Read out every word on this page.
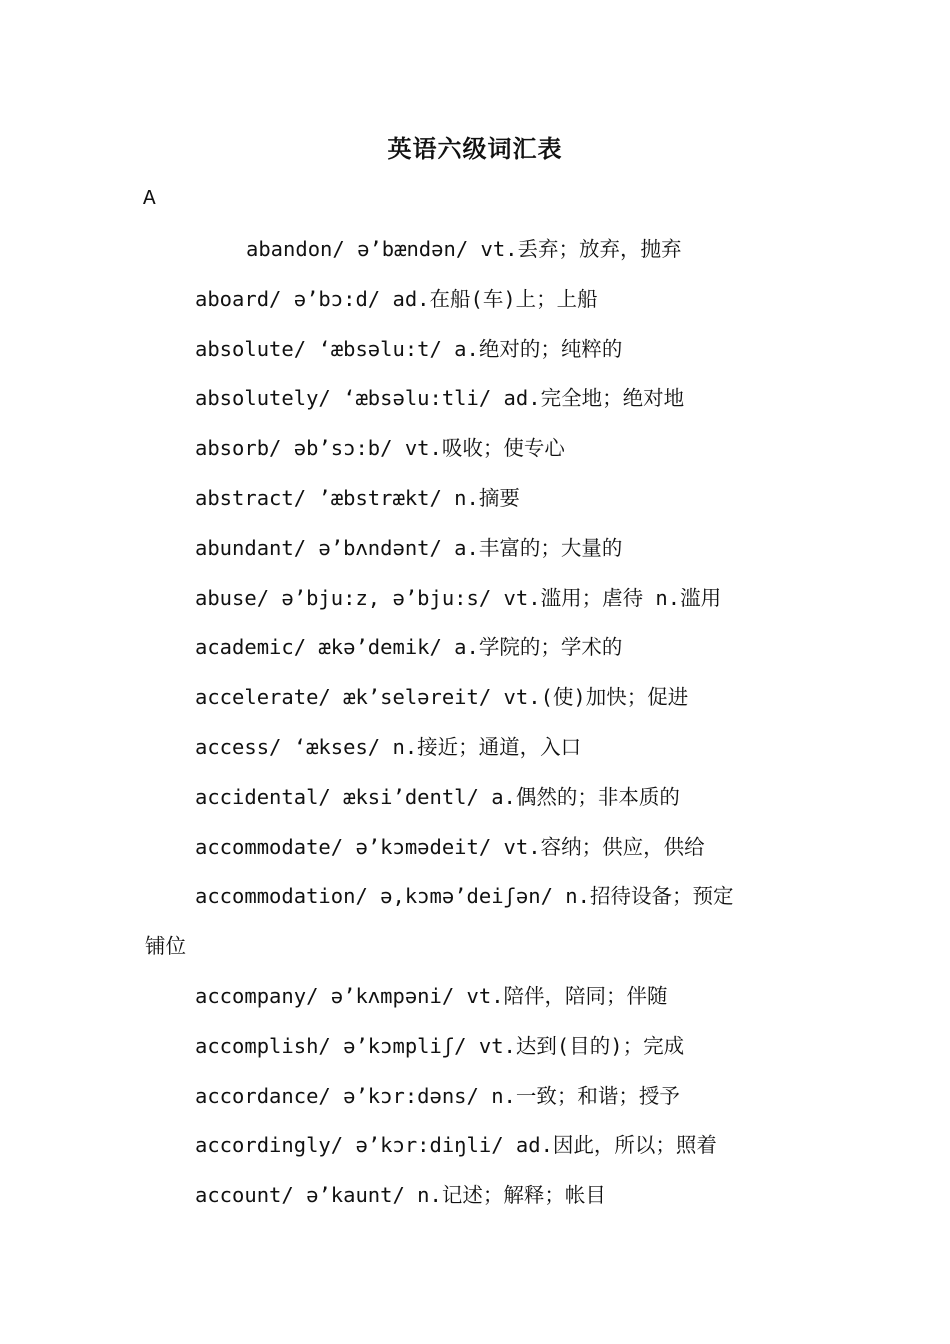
英语六级词汇表
A
abandon/ ə’bændən/ vt.丢弃；放弃，抛弃
aboard/ ə’bɔ:d/ ad.在船(车)上；上船
absolute/ ‘æbsəlu:t/ a.绝对的；纯粹的
absolutely/ ‘æbsəlu:tli/ ad.完全地；绝对地
absorb/ əb’sɔ:b/ vt.吸收；使专心
abstract/ ’æbstrækt/ n.摘要
abundant/ ə’bʌndənt/ a.丰富的；大量的
abuse/ ə’bju:z, ə’bju:s/ vt.滥用；虐待 n.滥用
academic/ ækə’demik/ a.学院的；学术的
accelerate/ æk’seləreit/ vt.(使)加快；促进
access/ ‘ækses/ n.接近；通道，入口
accidental/ æksi’dentl/ a.偶然的；非本质的
accommodate/ ə’kɔmədeit/ vt.容纳；供应，供给
accommodation/ ə,kɔmə’deiʃən/ n.招待设备；预定
铺位
accompany/ ə’kʌmpəni/ vt.陪伴，陪同；伴随
accomplish/ ə’kɔmpliʃ/ vt.达到(目的)；完成
accordance/ ə’kɔr:dəns/ n.一致；和谐；授予
accordingly/ ə’kɔr:diŋli/ ad.因此，所以；照着
account/ ə’kaunt/ n.记述；解释；帐目
